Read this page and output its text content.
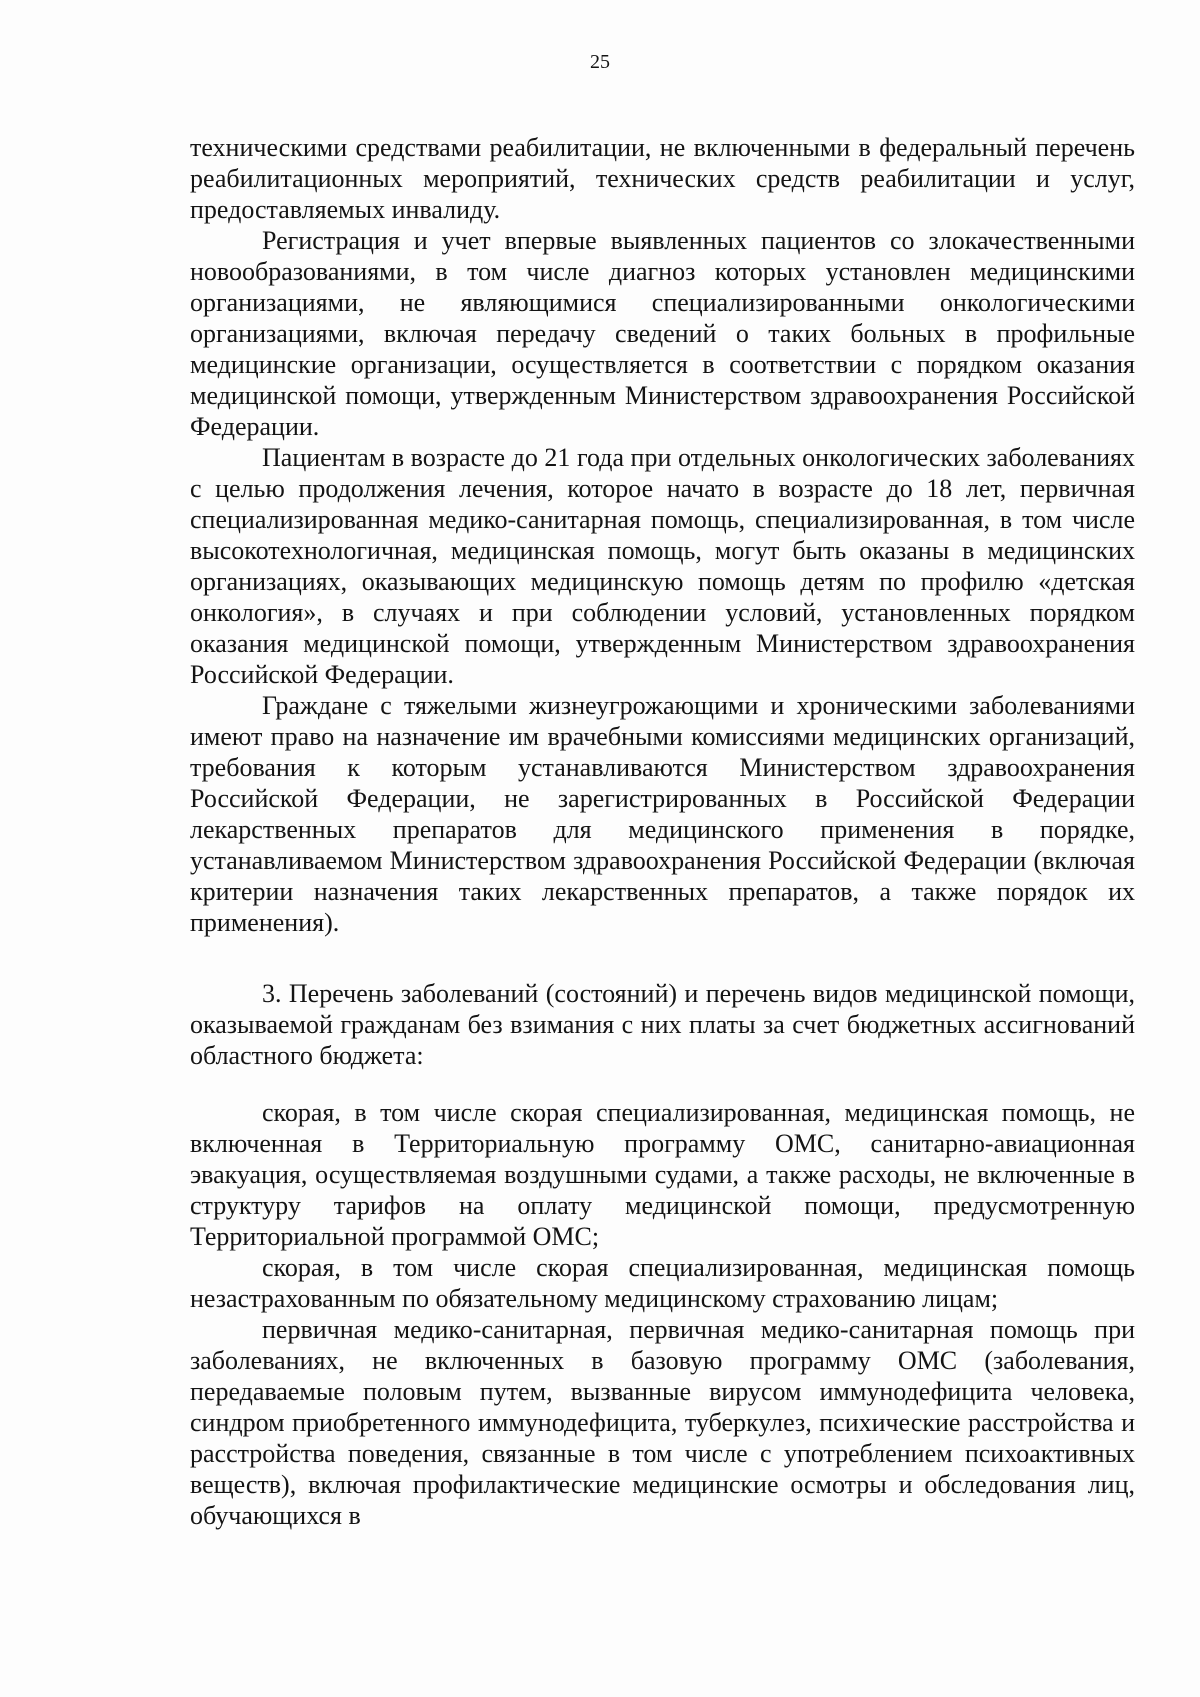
25

техническими средствами реабилитации, не включенными в федеральный перечень реабилитационных мероприятий, технических средств реабилитации и услуг, предоставляемых инвалиду.

Регистрация и учет впервые выявленных пациентов со злокачественными новообразованиями, в том числе диагноз которых установлен медицинскими организациями, не являющимися специализированными онкологическими организациями, включая передачу сведений о таких больных в профильные медицинские организации, осуществляется в соответствии с порядком оказания медицинской помощи, утвержденным Министерством здравоохранения Российской Федерации.

Пациентам в возрасте до 21 года при отдельных онкологических заболеваниях с целью продолжения лечения, которое начато в возрасте до 18 лет, первичная специализированная медико-санитарная помощь, специализированная, в том числе высокотехнологичная, медицинская помощь, могут быть оказаны в медицинских организациях, оказывающих медицинскую помощь детям по профилю «детская онкология», в случаях и при соблюдении условий, установленных порядком оказания медицинской помощи, утвержденным Министерством здравоохранения Российской Федерации.

Граждане с тяжелыми жизнеугрожающими и хроническими заболеваниями имеют право на назначение им врачебными комиссиями медицинских организаций, требования к которым устанавливаются Министерством здравоохранения Российской Федерации, не зарегистрированных в Российской Федерации лекарственных препаратов для медицинского применения в порядке, устанавливаемом Министерством здравоохранения Российской Федерации (включая критерии назначения таких лекарственных препаратов, а также порядок их применения).

3. Перечень заболеваний (состояний) и перечень видов медицинской помощи, оказываемой гражданам без взимания с них платы за счет бюджетных ассигнований областного бюджета:

скорая, в том числе скорая специализированная, медицинская помощь, не включенная в Территориальную программу ОМС, санитарно-авиационная эвакуация, осуществляемая воздушными судами, а также расходы, не включенные в структуру тарифов на оплату медицинской помощи, предусмотренную Территориальной программой ОМС;

скорая, в том числе скорая специализированная, медицинская помощь незастрахованным по обязательному медицинскому страхованию лицам;

первичная медико-санитарная, первичная медико-санитарная помощь при заболеваниях, не включенных в базовую программу ОМС (заболевания, передаваемые половым путем, вызванные вирусом иммунодефицита человека, синдром приобретенного иммунодефицита, туберкулез, психические расстройства и расстройства поведения, связанные в том числе с употреблением психоактивных веществ), включая профилактические медицинские осмотры и обследования лиц, обучающихся в
